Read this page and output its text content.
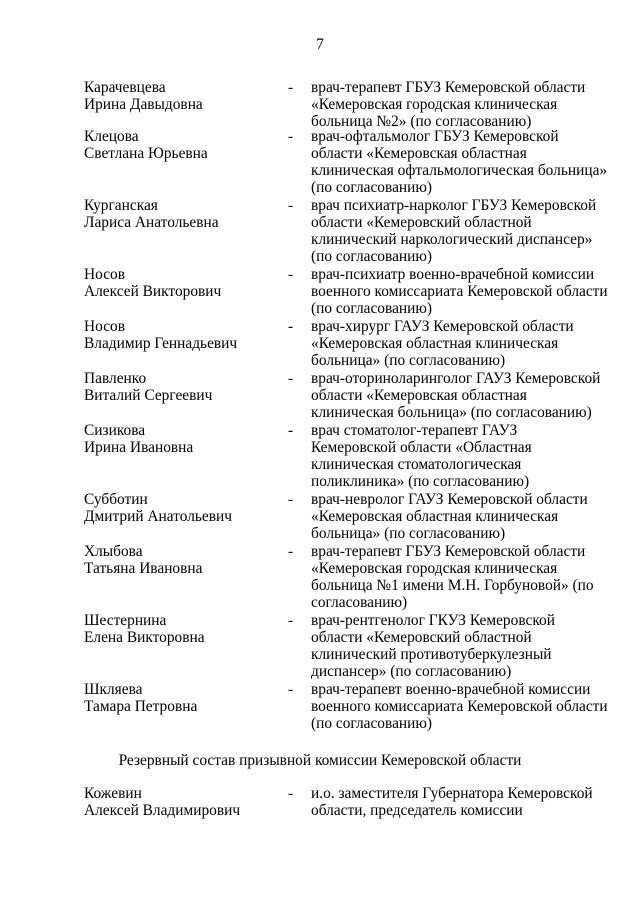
7
Карачевцева
Ирина Давыдовна
- врач-терапевт ГБУЗ Кемеровской области
«Кемеровская городская клиническая
больница №2» (по согласованию)
Клецова
Светлана Юрьевна
- врач-офтальмолог ГБУЗ Кемеровской
области «Кемеровская областная
клиническая офтальмологическая больница»
(по согласованию)
Курганская
Лариса Анатольевна
- врач психиатр-нарколог ГБУЗ Кемеровской
области «Кемеровский областной
клинический наркологический диспансер»
(по согласованию)
Носов
Алексей Викторович
- врач-психиатр военно-врачебной комиссии
военного комиссариата Кемеровской области
(по согласованию)
Носов
Владимир Геннадьевич
- врач-хирург ГАУЗ Кемеровской области
«Кемеровская областная клиническая
больница» (по согласованию)
Павленко
Виталий Сергеевич
- врач-оториноларинголог ГАУЗ Кемеровской
области «Кемеровская областная
клиническая больница» (по согласованию)
Сизикова
Ирина Ивановна
- врач стоматолог-терапевт ГАУЗ
Кемеровской области «Областная
клиническая стоматологическая
поликлиника» (по согласованию)
Субботин
Дмитрий Анатольевич
- врач-невролог ГАУЗ Кемеровской области
«Кемеровская областная клиническая
больница» (по согласованию)
Хлыбова
Татьяна Ивановна
- врач-терапевт ГБУЗ Кемеровской области
«Кемеровская городская клиническая
больница №1 имени М.Н. Горбуновой» (по
согласованию)
Шестернина
Елена Викторовна
- врач-рентгенолог ГКУЗ Кемеровской
области «Кемеровский областной
клинический противотуберкулезный
диспансер» (по согласованию)
Шкляева
Тамара Петровна
- врач-терапевт военно-врачебной комиссии
военного комиссариата Кемеровской области
(по согласованию)
Резервный состав призывной комиссии Кемеровской области
Кожевин
Алексей Владимирович
- и.о. заместителя Губернатора Кемеровской
области, председатель комиссии
